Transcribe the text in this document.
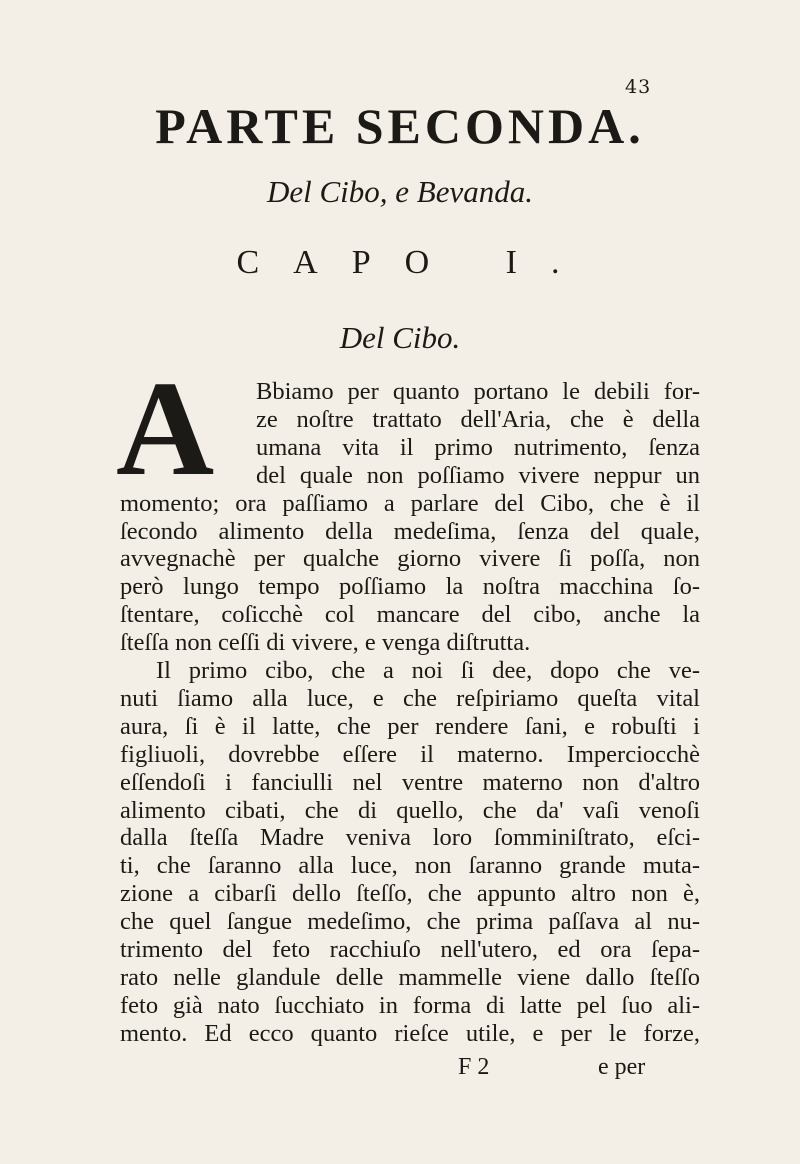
43
PARTE SECONDA.
Del Cibo, e Bevanda.
CAPO I.
Del Cibo.
A Bbiamo per quanto portano le debili for-
ze noſtre trattato dell'Aria, che è della
umana vita il primo nutrimento, ſenza
del quale non poſſiamo vivere neppur un
momento; ora paſſiamo a parlare del Cibo, che è il
ſecondo alimento della medeſima, ſenza del quale,
avvegnachè per qualche giorno vivere ſi poſſa, non
però lungo tempo poſſiamo la noſtra macchina ſo-
ſtentare, coſicchè col mancare del cibo, anche la
ſteſſa non ceſſi di vivere, e venga diſtrutta.
Il primo cibo, che a noi ſi dee, dopo che ve-
nuti ſiamo alla luce, e che reſpiriamo queſta vital
aura, ſi è il latte, che per rendere ſani, e robuſti i
figliuoli, dovrebbe eſſere il materno. Imperciocchè
eſſendoſi i fanciulli nel ventre materno non d'altro
alimento cibati, che di quello, che da' vaſi venoſi
dalla ſteſſa Madre veniva loro ſomminiſtrato, eſci-
ti, che ſaranno alla luce, non ſaranno grande muta-
zione a cibarſi dello ſteſſo, che appunto altro non è,
che quel ſangue medeſimo, che prima paſſava al nu-
trimento del feto racchiuſo nell'utero, ed ora ſepa-
rato nelle glandule delle mammelle viene dallo ſteſſo
feto già nato ſucchiato in forma di latte pel ſuo ali-
mento. Ed ecco quanto rieſce utile, e per le forze,
F 2	e per
